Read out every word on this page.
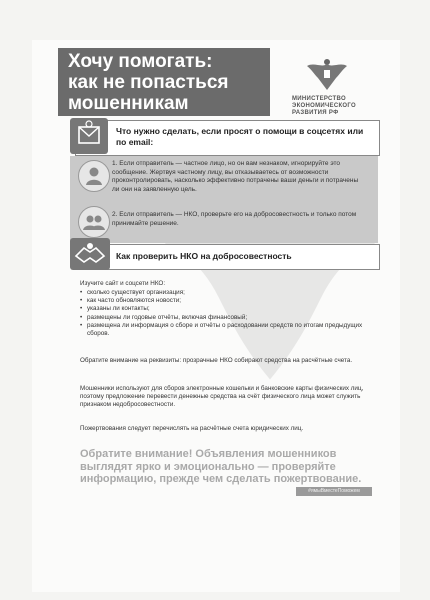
Хочу помогать:
как не попасться
мошенникам	МИНИСТЕРСТВО
ЭКОНОМИЧЕСКОГО
РАЗВИТИЯ РФ
Что нужно сделать, если просят о помощи в соцсетях или по email:
1. Если отправитель — частное лицо, но он вам незнаком, игнорируйте это сообщение. Жертвуя частному лицу, вы отказываетесь от возможности проконтролировать, насколько эффективно потрачены ваши деньги и потрачены ли они на заявленную цель.
2. Если отправитель — НКО, проверьте его на добросовестность и только потом принимайте решение.
Как проверить НКО на добросовестность
Изучите сайт и соцсети НКО:
• сколько существует организация;
• как часто обновляются новости;
• указаны ли контакты;
• размещены ли годовые отчёты, включая финансовый;
• размещена ли информация о сборе и отчёты о расходовании средств по итогам предыдущих сборов.
Обратите внимание на реквизиты: прозрачные НКО собирают средства на расчётные счета.
Мошенники используют для сборов электронные кошельки и банковские карты физических лиц, поэтому предложение перевести денежные средства на счёт физического лица может служить признаком недобросовестности.
Пожертвования следует перечислять на расчётные счета юридических лиц.
Обратите внимание! Объявления мошенников выглядят ярко и эмоционально — проверяйте информацию, прежде чем сделать пожертвование.
#ямыВместеПоможем
